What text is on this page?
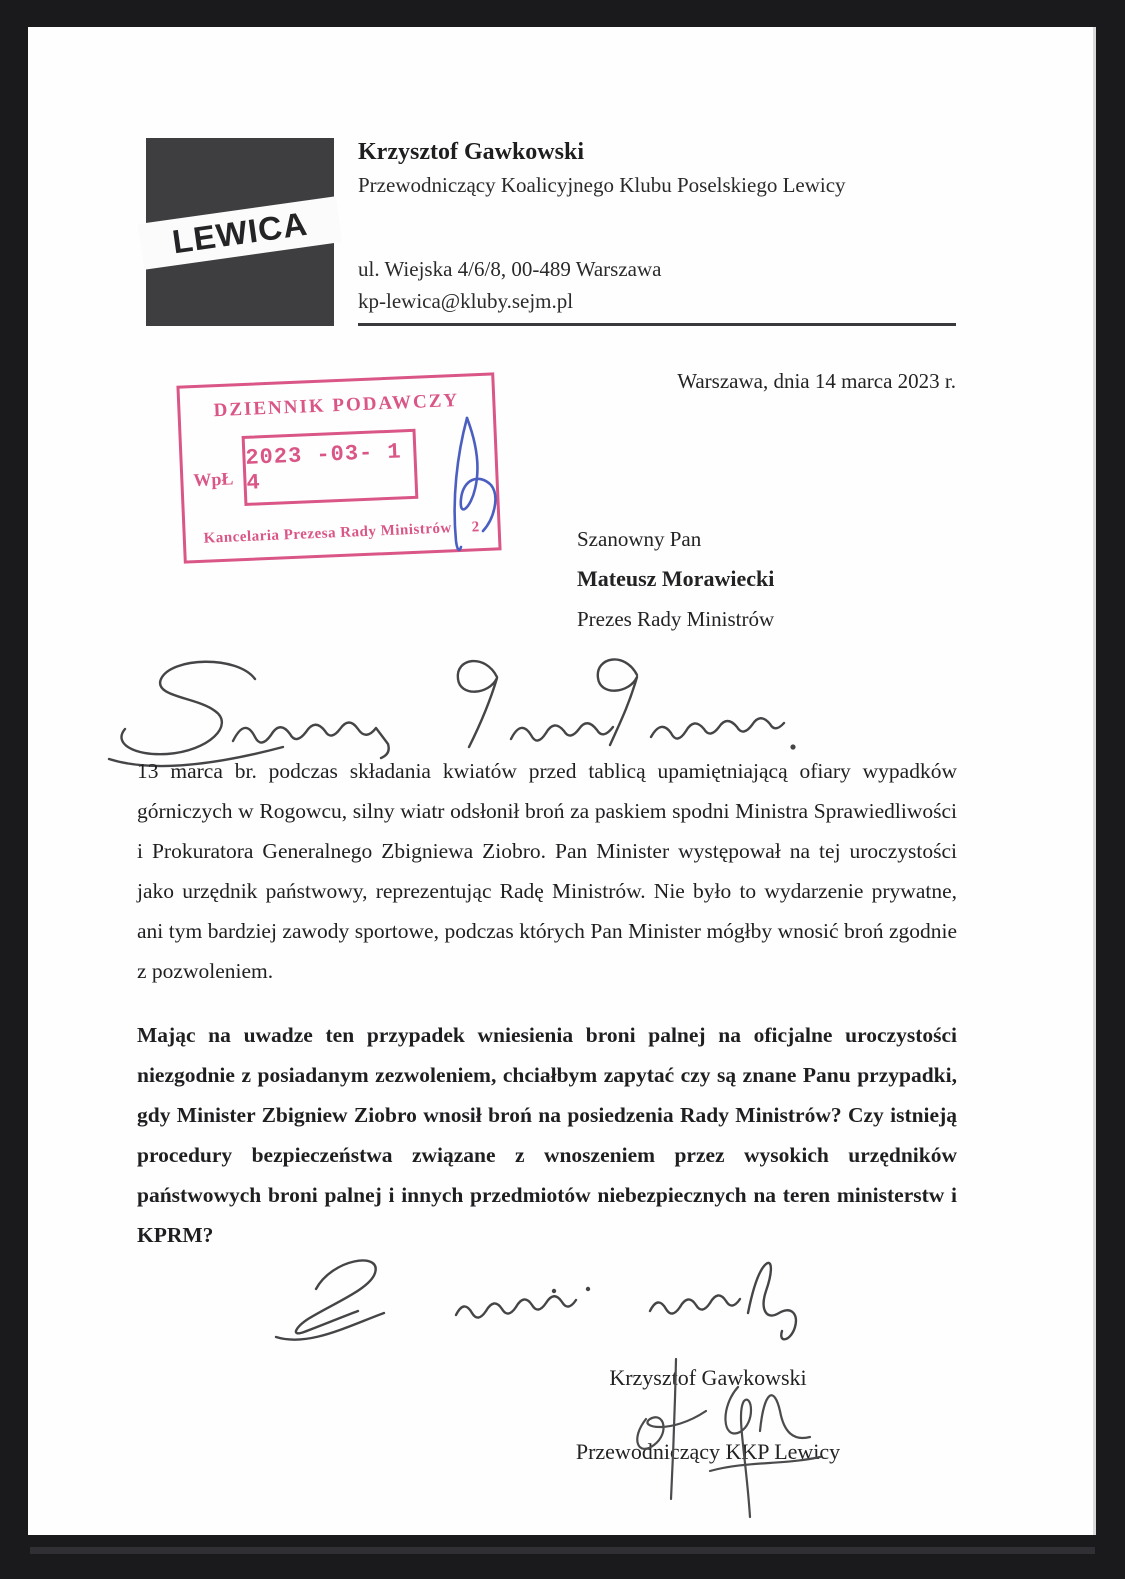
LEWICA
Krzysztof Gawkowski
Przewodniczący Koalicyjnego Klubu Poselskiego Lewicy
ul. Wiejska 4/6/8, 00-489 Warszawa
kp-lewica@kluby.sejm.pl
Warszawa, dnia 14 marca 2023 r.
DZIENNIK PODAWCZY
WpŁ
2023 -03- 1 4
Kancelaria Prezesa Rady Ministrów 2	Szanowny Pan
Mateusz Morawiecki
Prezes Rady Ministrów
13 marca br. podczas składania kwiatów przed tablicą upamiętniającą ofiary wypadków górniczych w Rogowcu, silny wiatr odsłonił broń za paskiem spodni Ministra Sprawiedliwości i Prokuratora Generalnego Zbigniewa Ziobro. Pan Minister występował na tej uroczystości jako urzędnik państwowy, reprezentując Radę Ministrów. Nie było to wydarzenie prywatne, ani tym bardziej zawody sportowe, podczas których Pan Minister mógłby wnosić broń zgodnie z pozwoleniem.
Mając na uwadze ten przypadek wniesienia broni palnej na oficjalne uroczystości niezgodnie z posiadanym zezwoleniem, chciałbym zapytać czy są znane Panu przypadki, gdy Minister Zbigniew Ziobro wnosił broń na posiedzenia Rady Ministrów? Czy istnieją procedury bezpieczeństwa związane z wnoszeniem przez wysokich urzędników państwowych broni palnej i innych przedmiotów niebezpiecznych na teren ministerstw i KPRM?
Krzysztof Gawkowski
Przewodniczący KKP Lewicy
